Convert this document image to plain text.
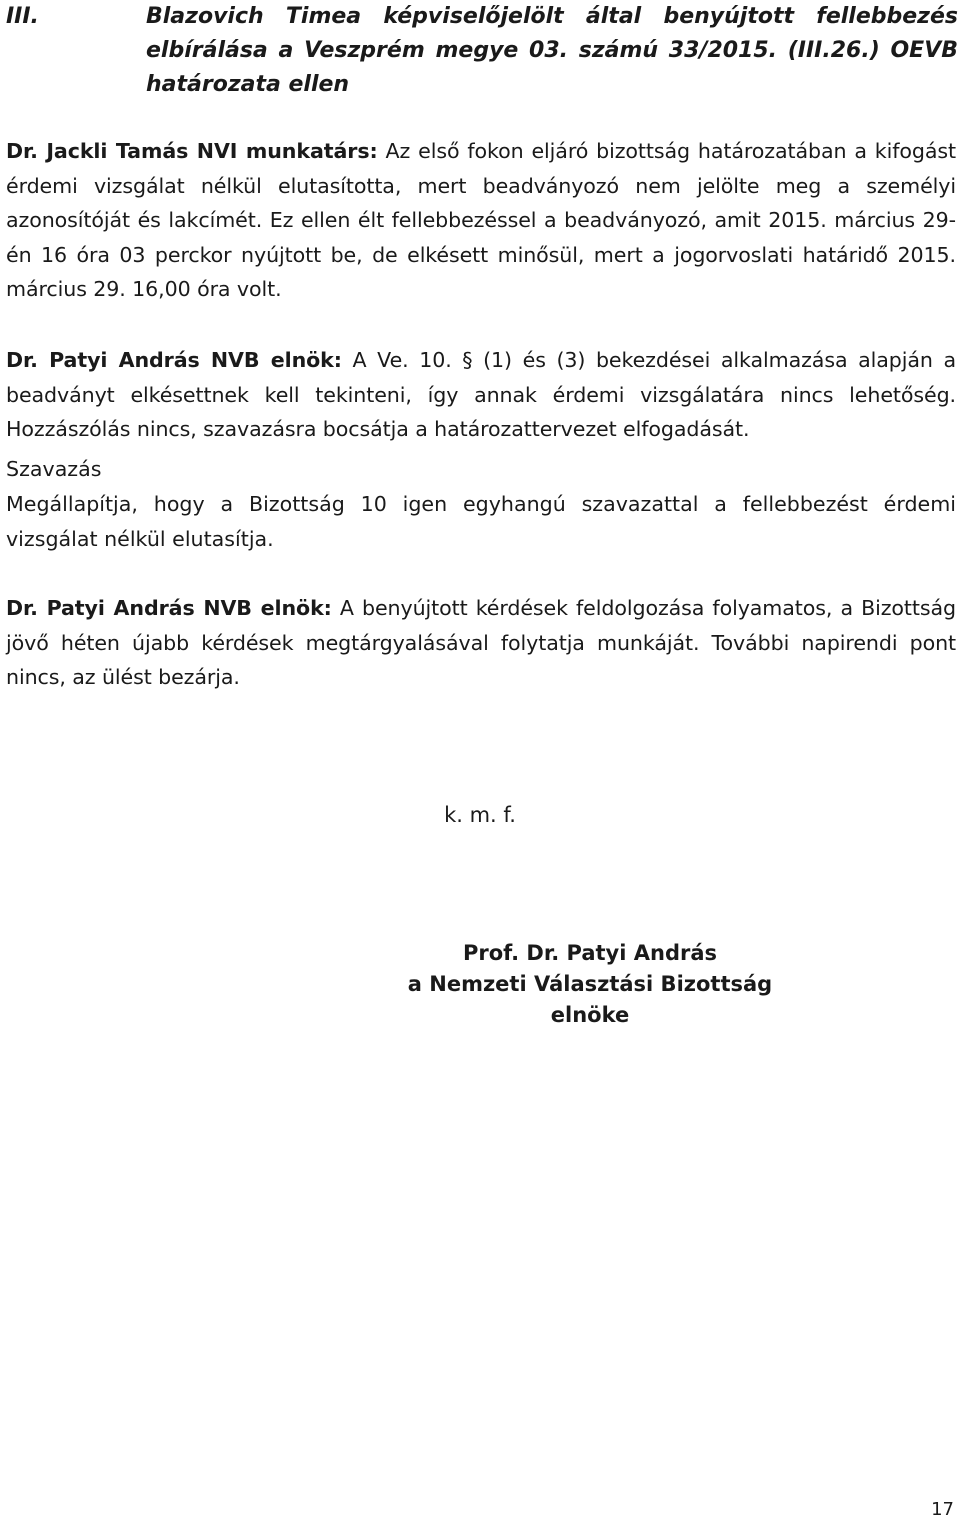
III.	Blazovich Timea képviselőjelölt által benyújtott fellebbezés elbírálása a Veszprém megye 03. számú 33/2015. (III.26.) OEVB határozata ellen
Dr. Jackli Tamás NVI munkatárs: Az első fokon eljáró bizottság határozatában a kifogást érdemi vizsgálat nélkül elutasította, mert beadványozó nem jelölte meg a személyi azonosítóját és lakcímét. Ez ellen élt fellebbezéssel a beadványozó, amit 2015. március 29-én 16 óra 03 perckor nyújtott be, de elkésett minősül, mert a jogorvoslati határidő 2015. március 29. 16,00 óra volt.
Dr. Patyi András NVB elnök: A Ve. 10. § (1) és (3) bekezdései alkalmazása alapján a beadványt elkésettnek kell tekinteni, így annak érdemi vizsgálatára nincs lehetőség. Hozzászólás nincs, szavazásra bocsátja a határozattervezet elfogadását.
Szavazás
Megállapítja, hogy a Bizottság 10 igen egyhangú szavazattal a fellebbezést érdemi vizsgálat nélkül elutasítja.
Dr. Patyi András NVB elnök: A benyújtott kérdések feldolgozása folyamatos, a Bizottság jövő héten újabb kérdések megtárgyalásával folytatja munkáját. További napirendi pont nincs, az ülést bezárja.
k. m. f.
Prof. Dr. Patyi András
a Nemzeti Választási Bizottság
elnöke
17
